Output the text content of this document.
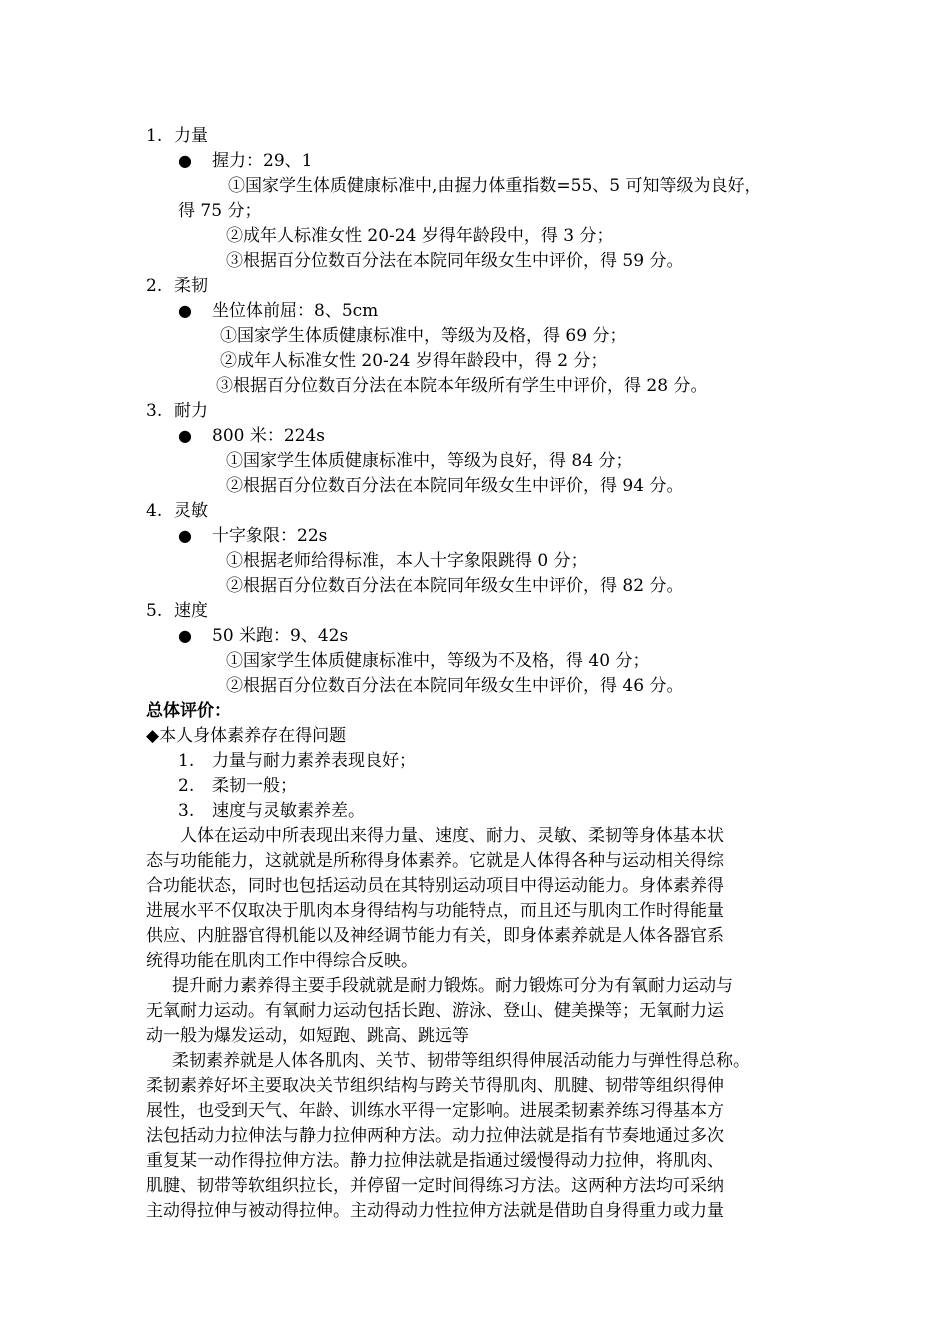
1. 力量
● 握力：29、1
①国家学生体质健康标准中,由握力体重指数=55、5 可知等级为良好，
得 75 分；
②成年人标准女性 20-24 岁得年龄段中，得 3 分；
③根据百分位数百分法在本院同年级女生中评价，得 59 分。
2. 柔韧
● 坐位体前屈：8、5cm
①国家学生体质健康标准中，等级为及格，得 69 分；
②成年人标准女性 20-24 岁得年龄段中，得 2 分；
③根据百分位数百分法在本院本年级所有学生中评价，得 28 分。
3. 耐力
● 800 米：224s
①国家学生体质健康标准中，等级为良好，得 84 分；
②根据百分位数百分法在本院同年级女生中评价，得 94 分。
4. 灵敏
● 十字象限：22s
①根据老师给得标准，本人十字象限跳得 0 分；
②根据百分位数百分法在本院同年级女生中评价，得 82 分。
5. 速度
● 50 米跑：9、42s
①国家学生体质健康标准中，等级为不及格，得 40 分；
②根据百分位数百分法在本院同年级女生中评价，得 46 分。
总体评价：
◆本人身体素养存在得问题
1. 力量与耐力素养表现良好；
2. 柔韧一般；
3. 速度与灵敏素养差。
人体在运动中所表现出来得力量、速度、耐力、灵敏、柔韧等身体基本状
态与功能能力，这就就是所称得身体素养。它就是人体得各种与运动相关得综
合功能状态，同时也包括运动员在其特别运动项目中得运动能力。身体素养得
进展水平不仅取决于肌肉本身得结构与功能特点，而且还与肌肉工作时得能量
供应、内脏器官得机能以及神经调节能力有关，即身体素养就是人体各器官系
统得功能在肌肉工作中得综合反映。
提升耐力素养得主要手段就就是耐力锻炼。耐力锻炼可分为有氧耐力运动与
无氧耐力运动。有氧耐力运动包括长跑、游泳、登山、健美操等；无氧耐力运
动一般为爆发运动，如短跑、跳高、跳远等
柔韧素养就是人体各肌肉、关节、韧带等组织得伸展活动能力与弹性得总称。
柔韧素养好坏主要取决关节组织结构与跨关节得肌肉、肌腱、韧带等组织得伸
展性，也受到天气、年龄、训练水平得一定影响。进展柔韧素养练习得基本方
法包括动力拉伸法与静力拉伸两种方法。动力拉伸法就是指有节奏地通过多次
重复某一动作得拉伸方法。静力拉伸法就是指通过缓慢得动力拉伸，将肌肉、
肌腱、韧带等软组织拉长，并停留一定时间得练习方法。这两种方法均可采纳
主动得拉伸与被动得拉伸。主动得动力性拉伸方法就是借助自身得重力或力量
